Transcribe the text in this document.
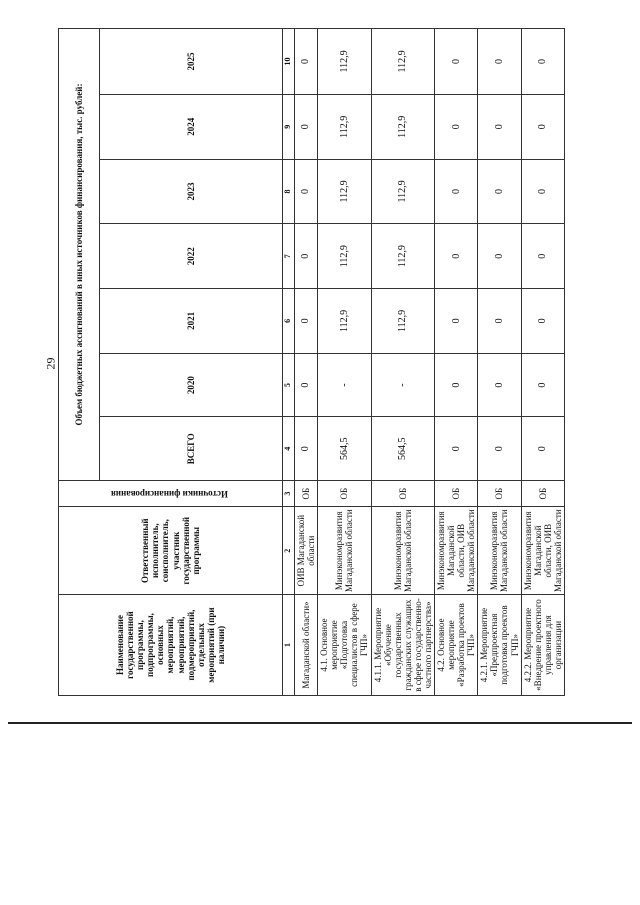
29
Наименование государственной программы, подпрограммы, основных мероприятий, мероприятий, подмероприятий, отдельных мероприятий (при наличии)	Ответственный исполнитель, соисполнитель, участник государственной программы	Источники финансирования	Объем бюджетных ассигнований в иных источников финансирования, тыс. рублей:						
			ВСЕГО	2020	2021	2022	2023	2024	2025
1	2	3	4	5	6	7	8	9	10
Магаданской области»	ОИВ Магаданской области	ОБ	0	0	0	0	0	0	0
4.1. Основное мероприятие «Подготовка специалистов в сфере ГЧП»	Минэкономразвития Магаданской области	ОБ	564,5	-	112,9	112,9	112,9	112,9	112,9
4.1.1. Мероприятие «Обучение государственных гражданских служащих в сфере государственно-частного партнерства»	Минэкономразвития Магаданской области	ОБ	564,5	-	112,9	112,9	112,9	112,9	112,9
4.2. Основное мероприятие «Разработка проектов ГЧП»	Минэкономразвития Магаданской области, ОИВ Магаданской области	ОБ	0	0	0	0	0	0	0
4.2.1. Мероприятие «Предпроектная подготовка проектов ГЧП»	Минэкономразвития Магаданской области	ОБ	0	0	0	0	0	0	0
4.2.2. Мероприятие «Внедрение проектного управления для организации	Минэкономразвития Магаданской области, ОИВ Магаданской области	ОБ	0	0	0	0	0	0	0
